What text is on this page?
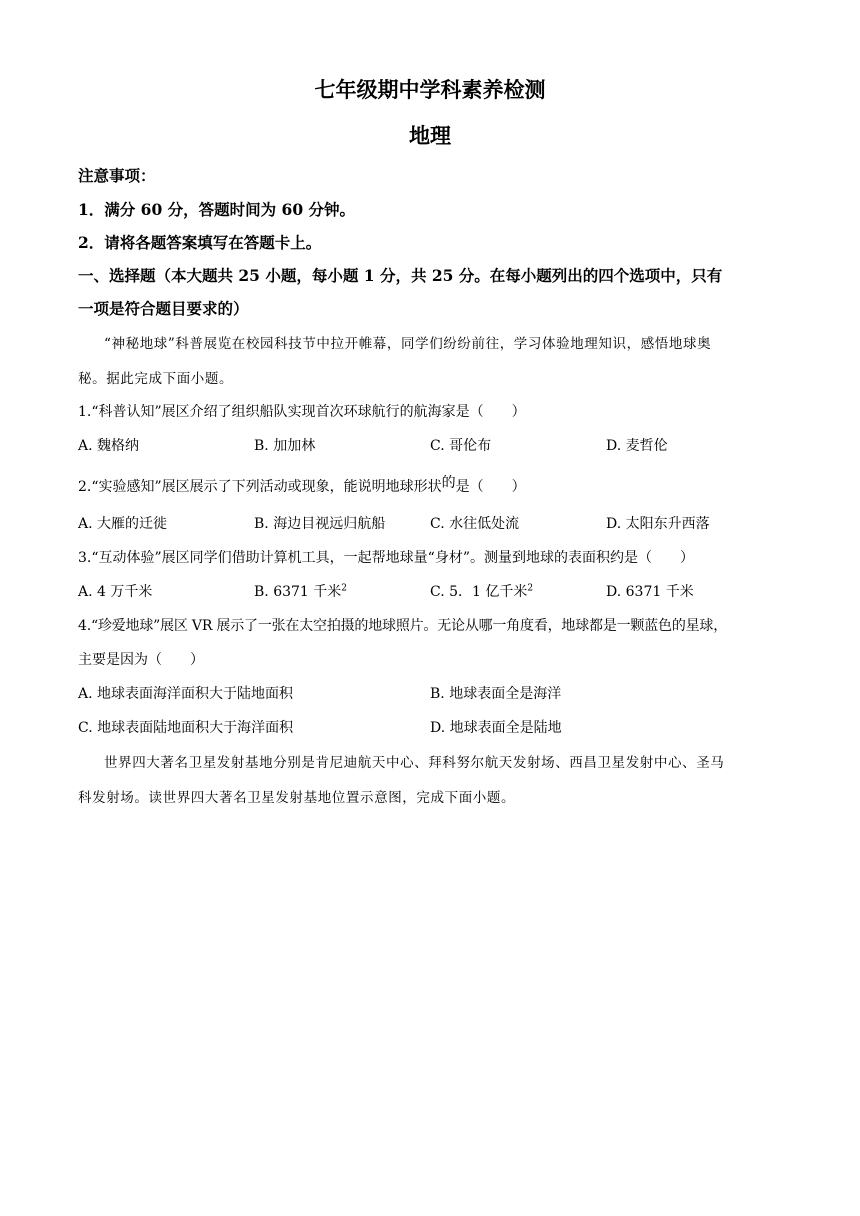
七年级期中学科素养检测
地理
注意事项：
1．满分 60 分，答题时间为 60 分钟。
2．请将各题答案填写在答题卡上。
一、选择题（本大题共 25 小题，每小题 1 分，共 25 分。在每小题列出的四个选项中，只有
一项是符合题目要求的）
“神秘地球”科普展览在校园科技节中拉开帷幕，同学们纷纷前往，学习体验地理知识，感悟地球奥
秘。据此完成下面小题。
1.“科普认知”展区介绍了组织船队实现首次环球航行的航海家是（　　）
A. 魏格纳	B. 加加林	C. 哥伦布	D. 麦哲伦
2.“实验感知”展区展示了下列活动或现象，能说明地球形状的是（　　）
A. 大雁的迁徙	B. 海边目视远归航船	C. 水往低处流	D. 太阳东升西落
3.“互动体验”展区同学们借助计算机工具，一起帮地球量“身材”。测量到地球的表面积约是（　　）
A. 4 万千米	B. 6371 千米$^2$	C. 5．1 亿千米$^2$	D. 6371 千米
4.“珍爱地球”展区 VR 展示了一张在太空拍摄的地球照片。无论从哪一角度看，地球都是一颗蓝色的星球，
主要是因为（　　）
A. 地球表面海洋面积大于陆地面积	B. 地球表面全是海洋
C. 地球表面陆地面积大于海洋面积	D. 地球表面全是陆地
世界四大著名卫星发射基地分别是肯尼迪航天中心、拜科努尔航天发射场、西昌卫星发射中心、圣马
科发射场。读世界四大著名卫星发射基地位置示意图，完成下面小题。
